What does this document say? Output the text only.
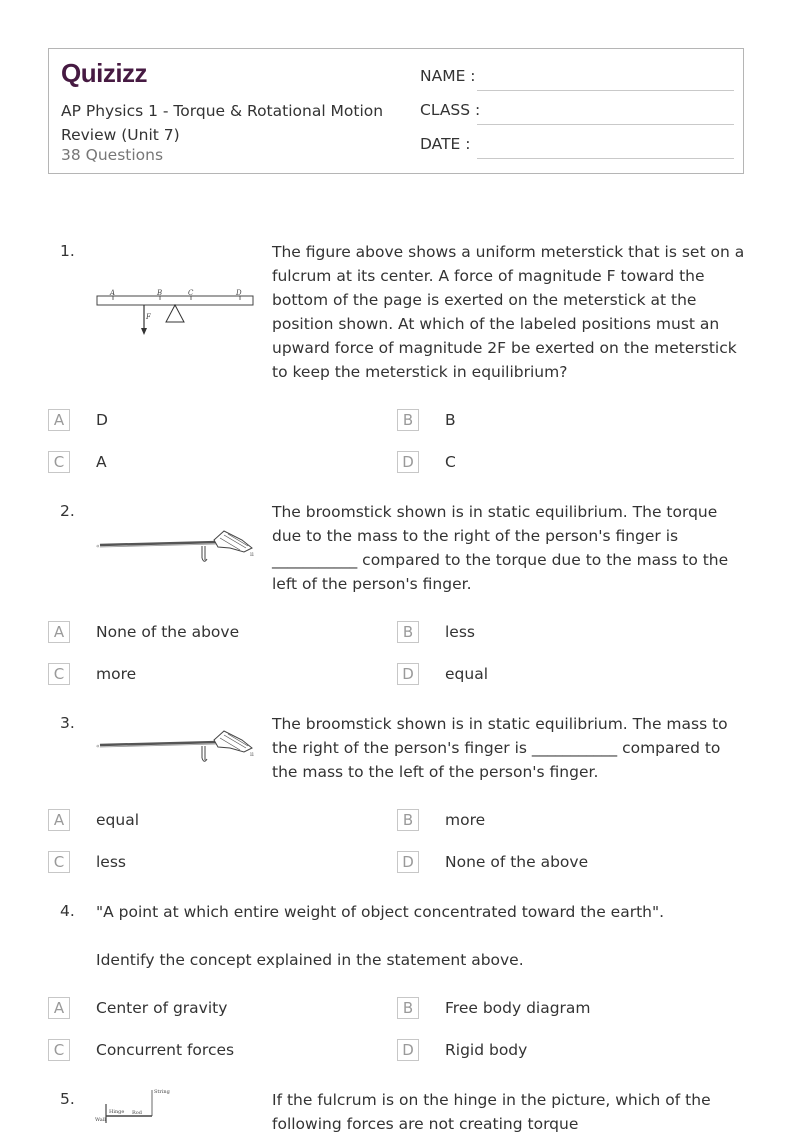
Quizizz
AP Physics 1 - Torque & Rotational Motion Review (Unit 7)
38 Questions
NAME :
CLASS :
DATE :
1.
A	B	C	D
F
The figure above shows a uniform meterstick that is set on a fulcrum at its center. A force of magnitude F toward the bottom of the page is exerted on the meterstick at the position shown. At which of the labeled positions must an upward force of magnitude 2F be exerted on the meterstick to keep the meterstick in equilibrium?
A	D	B	B
C	A	D	C
2.
«
ıı
The broomstick shown is in static equilibrium. The torque due to the mass to the right of the person's finger is ___________ compared to the torque due to the mass to the left of the person's finger.
A	None of the above	B	less
C	more	D	equal
3.
«
ıı
The broomstick shown is in static equilibrium. The mass to the right of the person's finger is ___________ compared to the mass to the left of the person's finger.
A	equal	B	more
C	less	D	None of the above
4. "A point at which entire weight of object concentrated toward the earth".
Identify the concept explained in the statement above.
A	Center of gravity	B	Free body diagram
C	Concurrent forces	D	Rigid body
5.	String
Hinge Rod
Wall
If the fulcrum is on the hinge in the picture, which of the following forces are not creating torque
